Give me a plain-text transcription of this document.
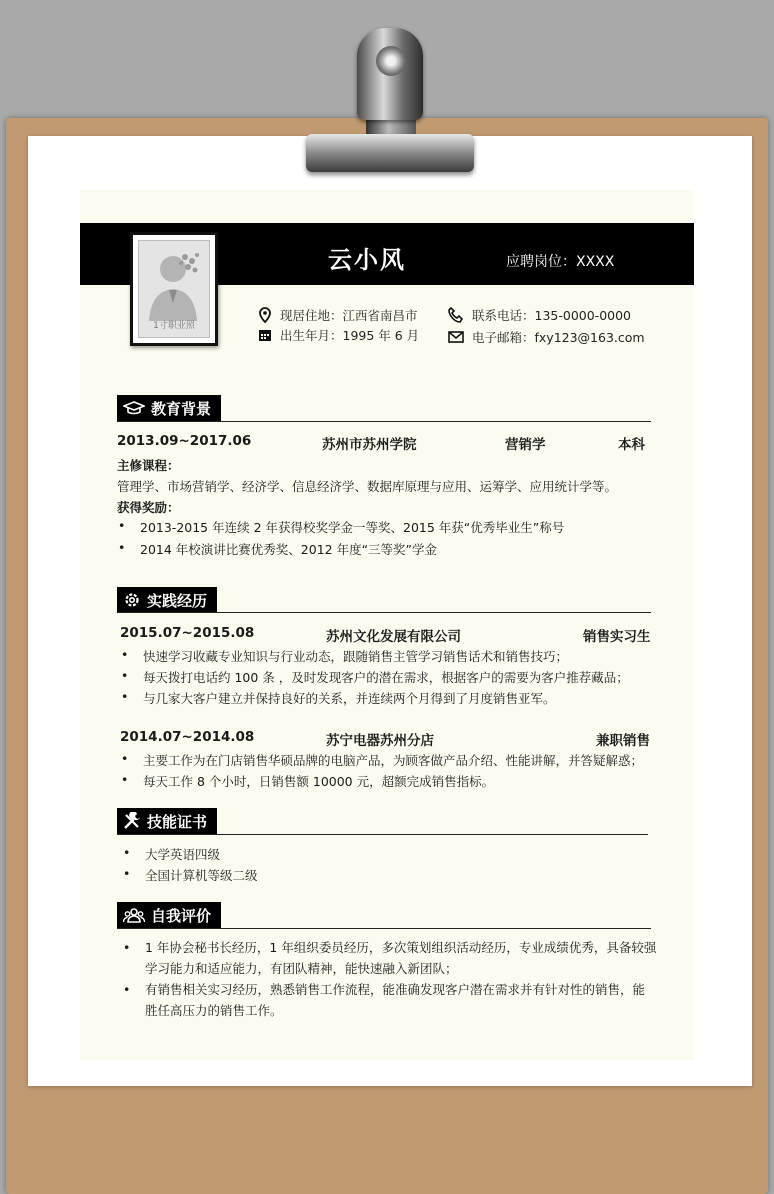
云小风	应聘岗位：XXXX
1寸职业照
现居住地：江西省南昌市
出生年月：1995 年 6 月
联系电话：135-0000-0000
电子邮箱：fxy123@163.com
教育背景
2013.09~2017.06	苏州市苏州学院	营销学	本科
主修课程：
管理学、市场营销学、经济学、信息经济学、数据库原理与应用、运筹学、应用统计学等。
获得奖励：
• 2013-2015 年连续 2 年获得校奖学金一等奖、2015 年获“优秀毕业生”称号
• 2014 年校演讲比赛优秀奖、2012 年度“三等奖”学金
实践经历
2015.07~2015.08	苏州文化发展有限公司	销售实习生
• 快速学习收藏专业知识与行业动态，跟随销售主管学习销售话术和销售技巧；
• 每天拨打电话约 100 条 ，及时发现客户的潜在需求，根据客户的需要为客户推荐藏品；
• 与几家大客户建立并保持良好的关系，并连续两个月得到了月度销售亚军。
2014.07~2014.08	苏宁电器苏州分店	兼职销售
• 主要工作为在门店销售华硕品牌的电脑产品，为顾客做产品介绍、性能讲解，并答疑解惑；
• 每天工作 8 个小时，日销售额 10000 元，超额完成销售指标。
技能证书
• 大学英语四级
• 全国计算机等级二级
自我评价
• 1 年协会秘书长经历，1 年组织委员经历，多次策划组织活动经历，专业成绩优秀，具备较强学习能力和适应能力，有团队精神，能快速融入新团队；
• 有销售相关实习经历，熟悉销售工作流程，能准确发现客户潜在需求并有针对性的销售，能胜任高压力的销售工作。
